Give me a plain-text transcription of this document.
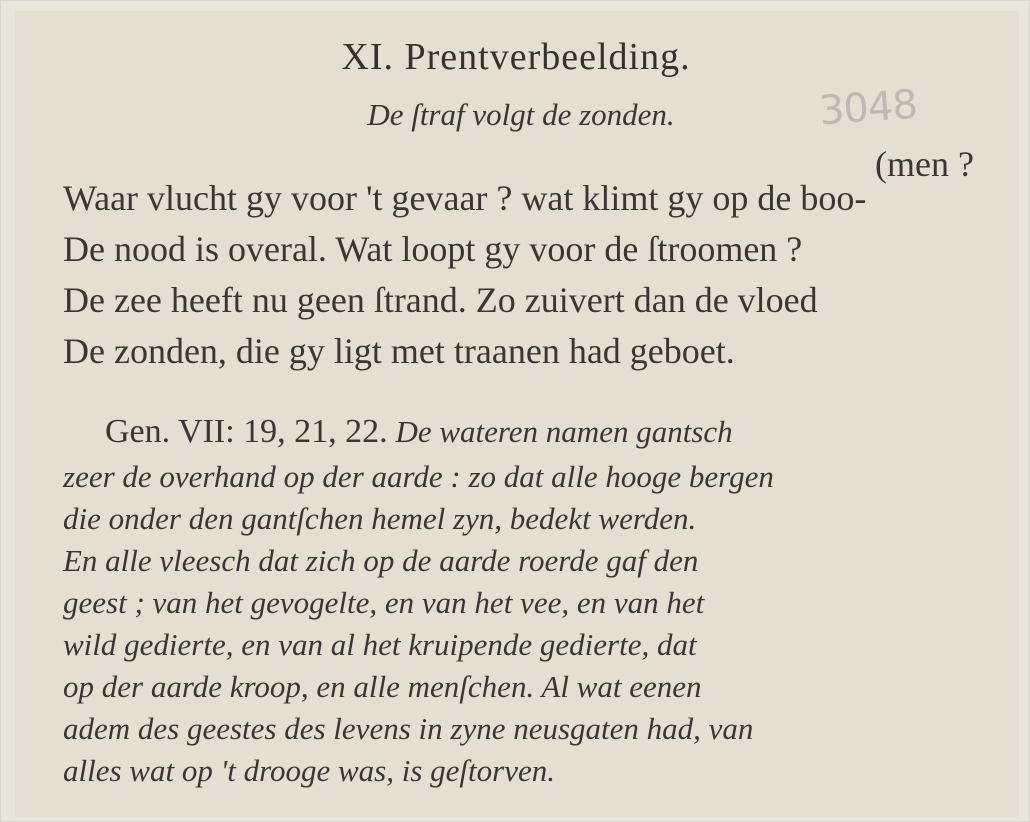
XI. Prentverbeelding.
De ſtraf volgt de zonden.	3048
(men ?
Waar vlucht gy voor 't gevaar ? wat klimt gy op de boo-
De nood is overal. Wat loopt gy voor de ſtroomen ?
De zee heeft nu geen ſtrand. Zo zuivert dan de vloed
De zonden, die gy ligt met traanen had geboet.
Gen. VII: 19, 21, 22. De wateren namen gantsch
zeer de overhand op der aarde : zo dat alle hooge bergen
die onder den gantſchen hemel zyn, bedekt werden.
En alle vleesch dat zich op de aarde roerde gaf den
geest ; van het gevogelte, en van het vee, en van het
wild gedierte, en van al het kruipende gedierte, dat
op der aarde kroop, en alle menſchen. Al wat eenen
adem des geestes des levens in zyne neusgaten had, van
alles wat op 't drooge was, is geſtorven.
